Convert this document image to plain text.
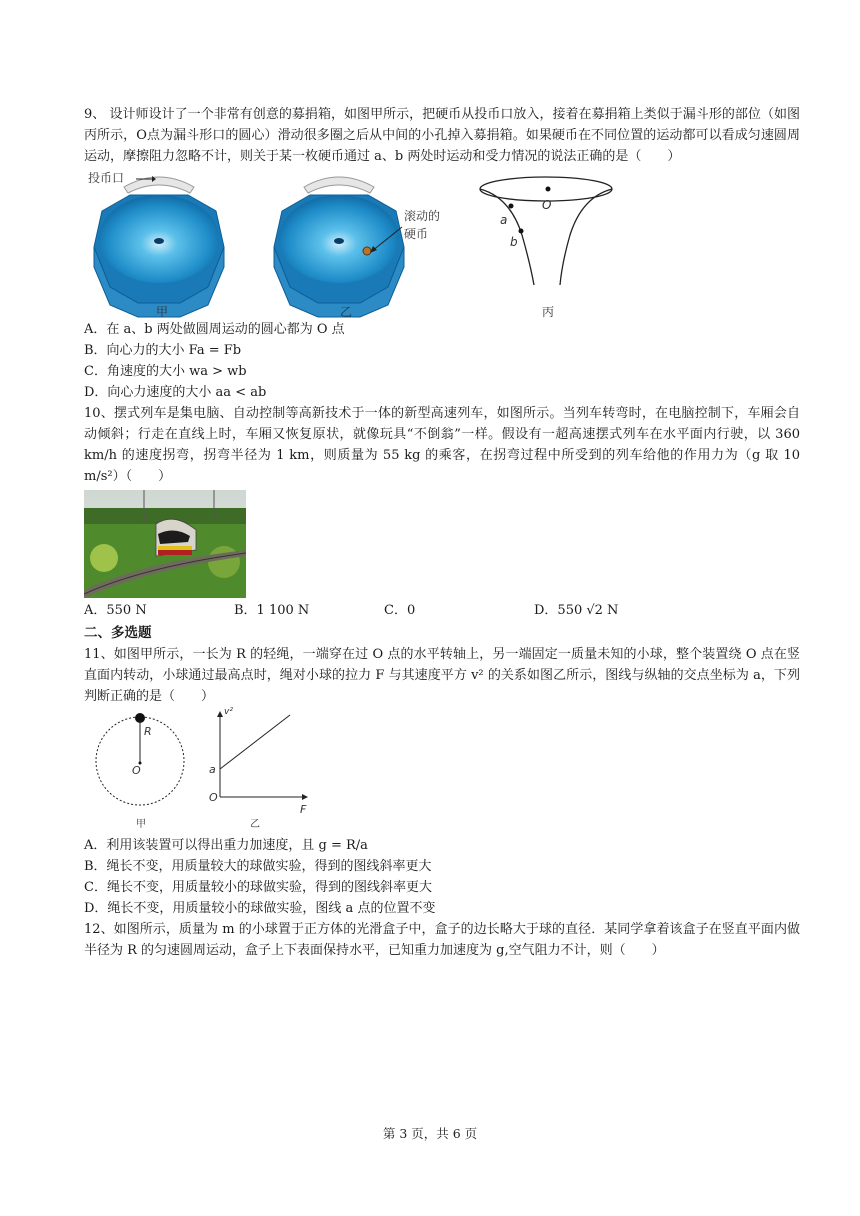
9、 设计师设计了一个非常有创意的募捐箱，如图甲所示，把硬币从投币口放入，接着在募捐箱上类似于漏斗形的部位（如图丙所示，O点为漏斗形口的圆心）滑动很多圈之后从中间的小孔掉入募捐箱。如果硬币在不同位置的运动都可以看成匀速圆周运动，摩擦阻力忽略不计，则关于某一枚硬币通过 a、b 两处时运动和受力情况的说法正确的是（　　）

投币口
甲
滚动的硬币
乙
O
a
b
丙

A．在 a、b 两处做圆周运动的圆心都为 O 点

B．向心力的大小 Fa = Fb

C．角速度的大小 wa > wb

D．向心力速度的大小 aa < ab

10、摆式列车是集电脑、自动控制等高新技术于一体的新型高速列车，如图所示。当列车转弯时，在电脑控制下，车厢会自动倾斜；行走在直线上时，车厢又恢复原状，就像玩具“不倒翁”一样。假设有一超高速摆式列车在水平面内行驶，以 360 km/h 的速度拐弯，拐弯半径为 1 km，则质量为 55 kg 的乘客，在拐弯过程中所受到的列车给他的作用力为（g 取 10 m/s²）（　　）

A．550 N	B．1 100 N	C．0	D．550 √2 N

二、多选题

11、如图甲所示，一长为 R 的轻绳，一端穿在过 O 点的水平转轴上，另一端固定一质量未知的小球，整个装置绕 O 点在竖直面内转动，小球通过最高点时，绳对小球的拉力 F 与其速度平方 v² 的关系如图乙所示，图线与纵轴的交点坐标为 a，下列判断正确的是（　　）

R
O
甲
v²
a
O
F
乙

A．利用该装置可以得出重力加速度，且 g = R/a

B．绳长不变，用质量较大的球做实验，得到的图线斜率更大

C．绳长不变，用质量较小的球做实验，得到的图线斜率更大

D．绳长不变，用质量较小的球做实验，图线 a 点的位置不变

12、如图所示，质量为 m 的小球置于正方体的光滑盒子中，盒子的边长略大于球的直径．某同学拿着该盒子在竖直平面内做半径为 R 的匀速圆周运动，盒子上下表面保持水平，已知重力加速度为 g,空气阻力不计，则（　　）

第 3 页，共 6 页
